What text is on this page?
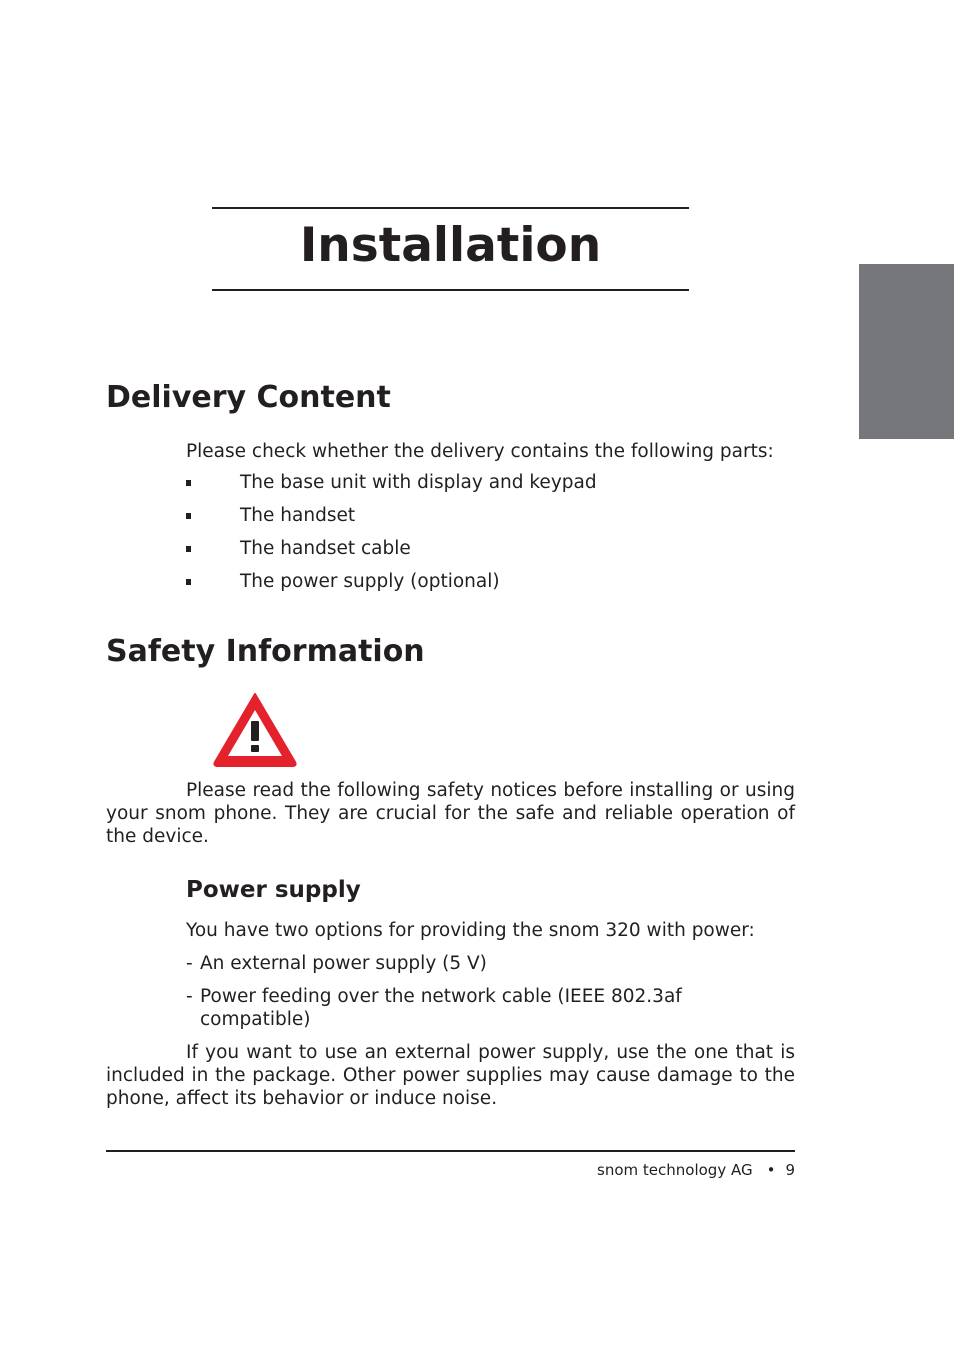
Installation
1
Delivery Content

Please check whether the delivery contains the following parts:

The base unit with display and keypad
The handset
The handset cable
The power supply (optional)
Safety Information

Please read the following safety notices before installing or using your snom phone. They are crucial for the safe and reliable operation of the device.

Power supply

You have two options for providing the snom 320 with power:

- An external power supply (5 V)
- Power feeding over the network cable (IEEE 802.3af compatible)

If you want to use an external power supply, use the one that is included in the package. Other power supplies may cause damage to the phone, affect its behavior or induce noise.

snom technology AG • 9
